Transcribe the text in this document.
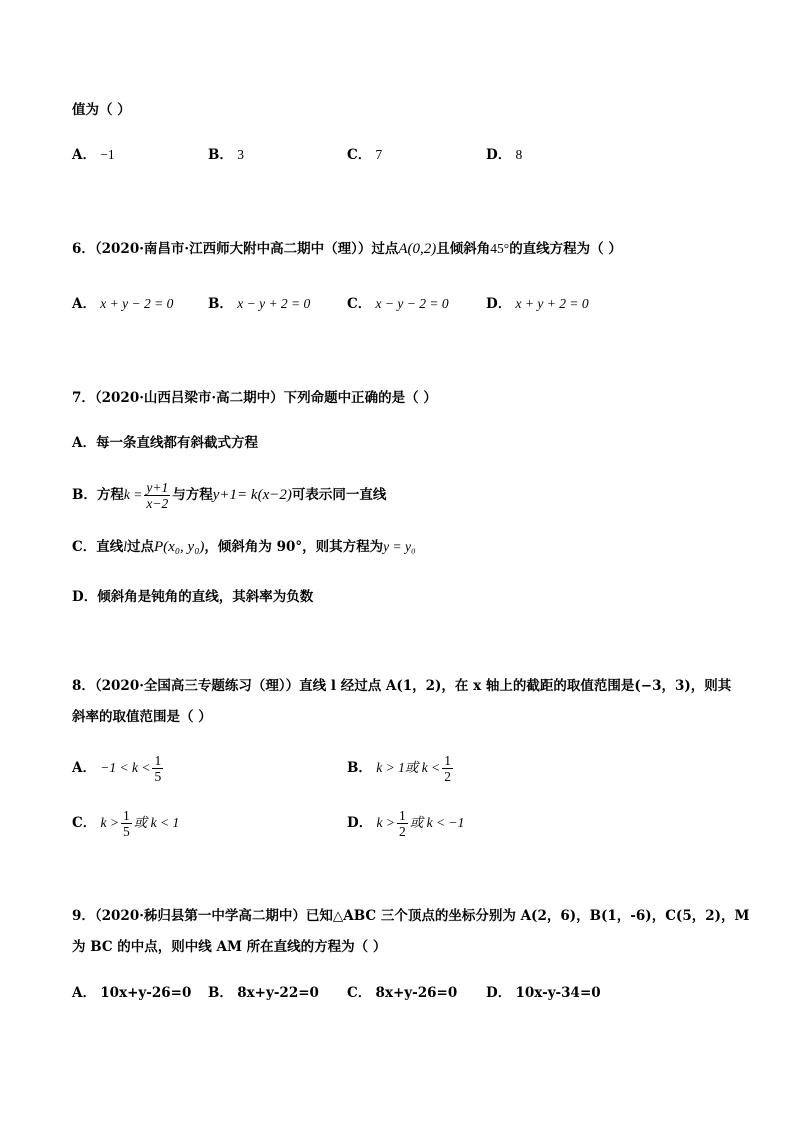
值为（ ）
A． −1	B． 3	C． 7	D． 8
6．（2020·南昌市·江西师大附中高二期中（理））过点A(0,2)且倾斜角45°的直线方程为（ ）
A． x + y − 2 = 0	B． x − y + 2 = 0	C． x − y − 2 = 0	D． x + y + 2 = 0
7．（2020·山西吕梁市·高二期中）下列命题中正确的是（ ）
A．每一条直线都有斜截式方程
B．方程$k = \frac{y+1}{x-2}$ 与方程y+1= k(x−2)可表示同一直线
C．直线l过点P(x₀, y₀)，倾斜角为 90°，则其方程为y = y₀
D．倾斜角是钝角的直线，其斜率为负数
8．（2020·全国高三专题练习（理））直线 l 经过点 A(1，2)，在 x 轴上的截距的取值范围是(−3，3)，则其
斜率的取值范围是（ ）
A． $-1 < k < \frac{1}{5}$	B． k > 1或 $k < \frac{1}{2}$
C． $k > \frac{1}{5}$ 或 k < 1	D． $k > \frac{1}{2}$ 或 k < −1
9．（2020·秭归县第一中学高二期中）已知△ABC 三个顶点的坐标分别为 A(2，6)，B(1，-6)，C(5，2)，M
为 BC 的中点，则中线 AM 所在直线的方程为（ ）
A． 10x+y-26=0 B． 8x+y-22=0 C． 8x+y-26=0 D． 10x-y-34=0
